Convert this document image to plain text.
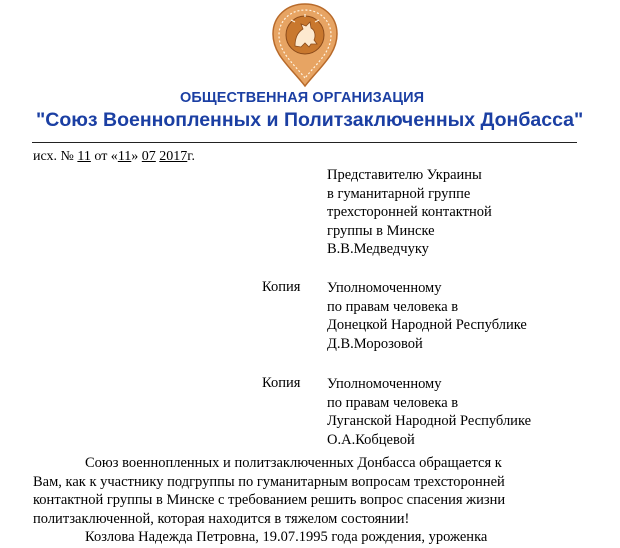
ОБЩЕСТВЕННАЯ ОРГАНИЗАЦИЯ
"Союз Военнопленных и Политзаключенных Донбасса"
исх. № 11 от «11» 07 2017г.
Представителю Украины
в гуманитарной группе
трехсторонней контактной
группы в Минске
В.В.Медведчуку
Копия Уполномоченному
по правам человека в
Донецкой Народной Республике
Д.В.Морозовой
Копия Уполномоченному
по правам человека в
Луганской Народной Республике
О.А.Кобцевой
Союз военнопленных и политзаключенных Донбасса обращается к
Вам, как к участнику подгруппы по гуманитарным вопросам трехсторонней
контактной группы в Минске с требованием решить вопрос спасения жизни
политзаключенной, которая находится в тяжелом состоянии!
Козлова Надежда Петровна, 19.07.1995 года рождения, уроженка
